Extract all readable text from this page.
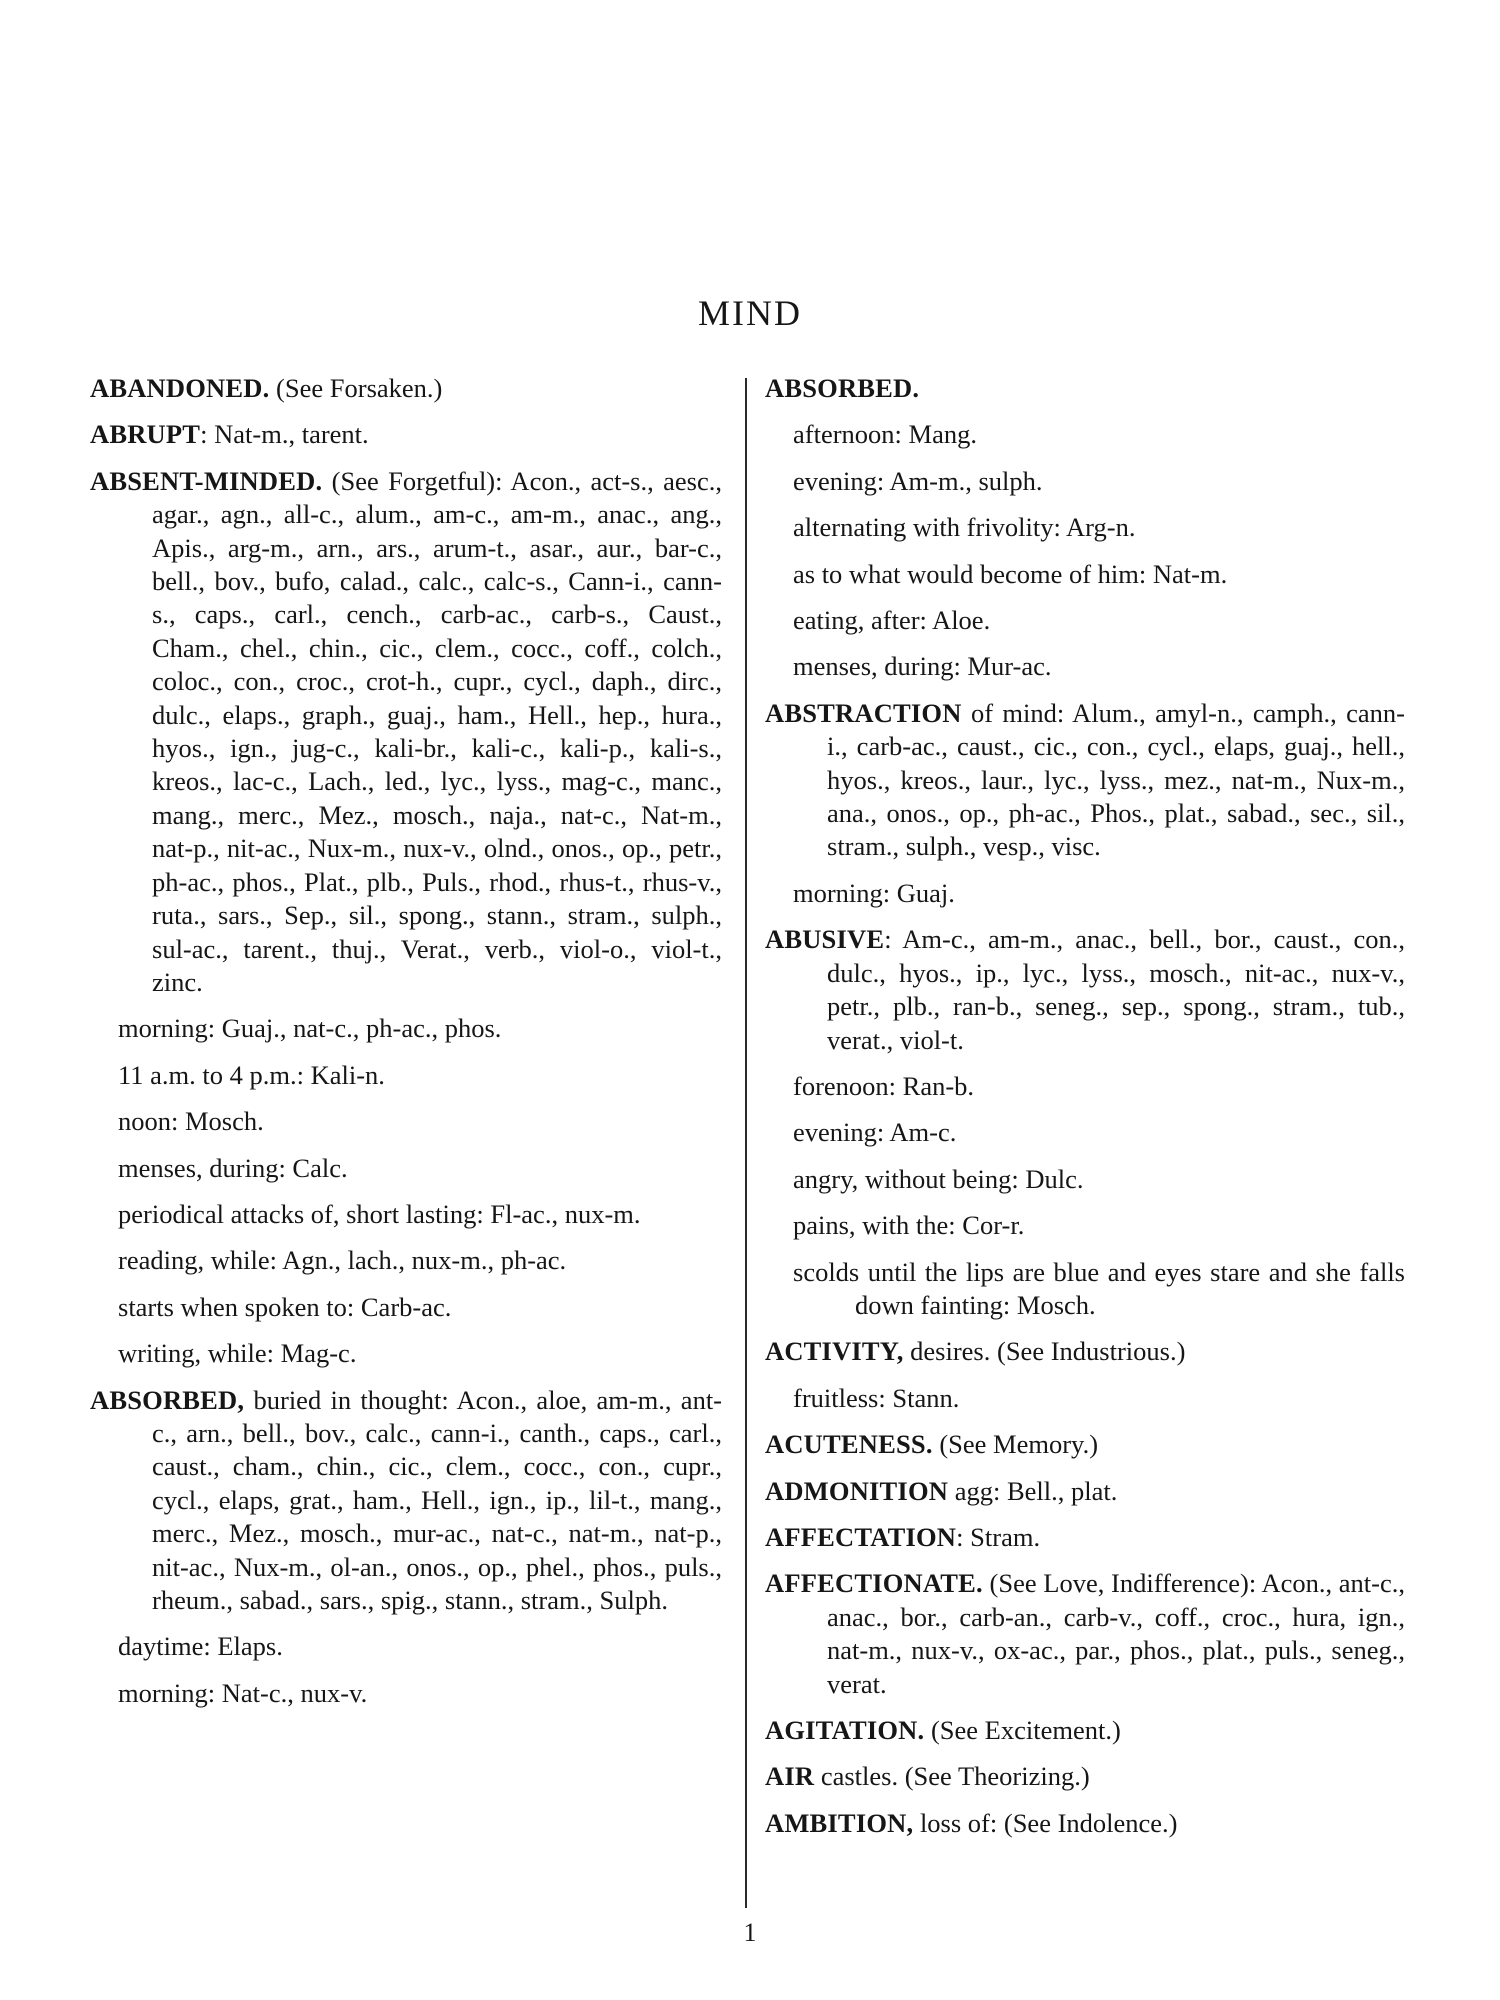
MIND

ABANDONED. (See Forsaken.)

ABRUPT: Nat-m., tarent.

ABSENT-MINDED. (See Forgetful): Acon., act-s., aesc., agar., agn., all-c., alum., am-c., am-m., anac., ang., Apis., arg-m., arn., ars., arum-t., asar., aur., bar-c., bell., bov., bufo, calad., calc., calc-s., Cann-i., cann-s., caps., carl., cench., carb-ac., carb-s., Caust., Cham., chel., chin., cic., clem., cocc., coff., colch., coloc., con., croc., crot-h., cupr., cycl., daph., dirc., dulc., elaps., graph., guaj., ham., Hell., hep., hura., hyos., ign., jug-c., kali-br., kali-c., kali-p., kali-s., kreos., lac-c., Lach., led., lyc., lyss., mag-c., manc., mang., merc., Mez., mosch., naja., nat-c., Nat-m., nat-p., nit-ac., Nux-m., nux-v., olnd., onos., op., petr., ph-ac., phos., Plat., plb., Puls., rhod., rhus-t., rhus-v., ruta., sars., Sep., sil., spong., stann., stram., sulph., sul-ac., tarent., thuj., Verat., verb., viol-o., viol-t., zinc.

morning: Guaj., nat-c., ph-ac., phos.

11 a.m. to 4 p.m.: Kali-n.

noon: Mosch.

menses, during: Calc.

periodical attacks of, short lasting: Fl-ac., nux-m.

reading, while: Agn., lach., nux-m., ph-ac.

starts when spoken to: Carb-ac.

writing, while: Mag-c.

ABSORBED, buried in thought: Acon., aloe, am-m., ant-c., arn., bell., bov., calc., cann-i., canth., caps., carl., caust., cham., chin., cic., clem., cocc., con., cupr., cycl., elaps, grat., ham., Hell., ign., ip., lil-t., mang., merc., Mez., mosch., mur-ac., nat-c., nat-m., nat-p., nit-ac., Nux-m., ol-an., onos., op., phel., phos., puls., rheum., sabad., sars., spig., stann., stram., Sulph.

daytime: Elaps.

morning: Nat-c., nux-v.

ABSORBED.

afternoon: Mang.

evening: Am-m., sulph.

alternating with frivolity: Arg-n.

as to what would become of him: Nat-m.

eating, after: Aloe.

menses, during: Mur-ac.

ABSTRACTION of mind: Alum., amyl-n., camph., cann-i., carb-ac., caust., cic., con., cycl., elaps, guaj., hell., hyos., kreos., laur., lyc., lyss., mez., nat-m., Nux-m., ana., onos., op., ph-ac., Phos., plat., sabad., sec., sil., stram., sulph., vesp., visc.

morning: Guaj.

ABUSIVE: Am-c., am-m., anac., bell., bor., caust., con., dulc., hyos., ip., lyc., lyss., mosch., nit-ac., nux-v., petr., plb., ran-b., seneg., sep., spong., stram., tub., verat., viol-t.

forenoon: Ran-b.

evening: Am-c.

angry, without being: Dulc.

pains, with the: Cor-r.

scolds until the lips are blue and eyes stare and she falls down fainting: Mosch.

ACTIVITY, desires. (See Industrious.)

fruitless: Stann.

ACUTENESS. (See Memory.)

ADMONITION agg: Bell., plat.

AFFECTATION: Stram.

AFFECTIONATE. (See Love, Indifference): Acon., ant-c., anac., bor., carb-an., carb-v., coff., croc., hura, ign., nat-m., nux-v., ox-ac., par., phos., plat., puls., seneg., verat.

AGITATION. (See Excitement.)

AIR castles. (See Theorizing.)

AMBITION, loss of: (See Indolence.)

1
